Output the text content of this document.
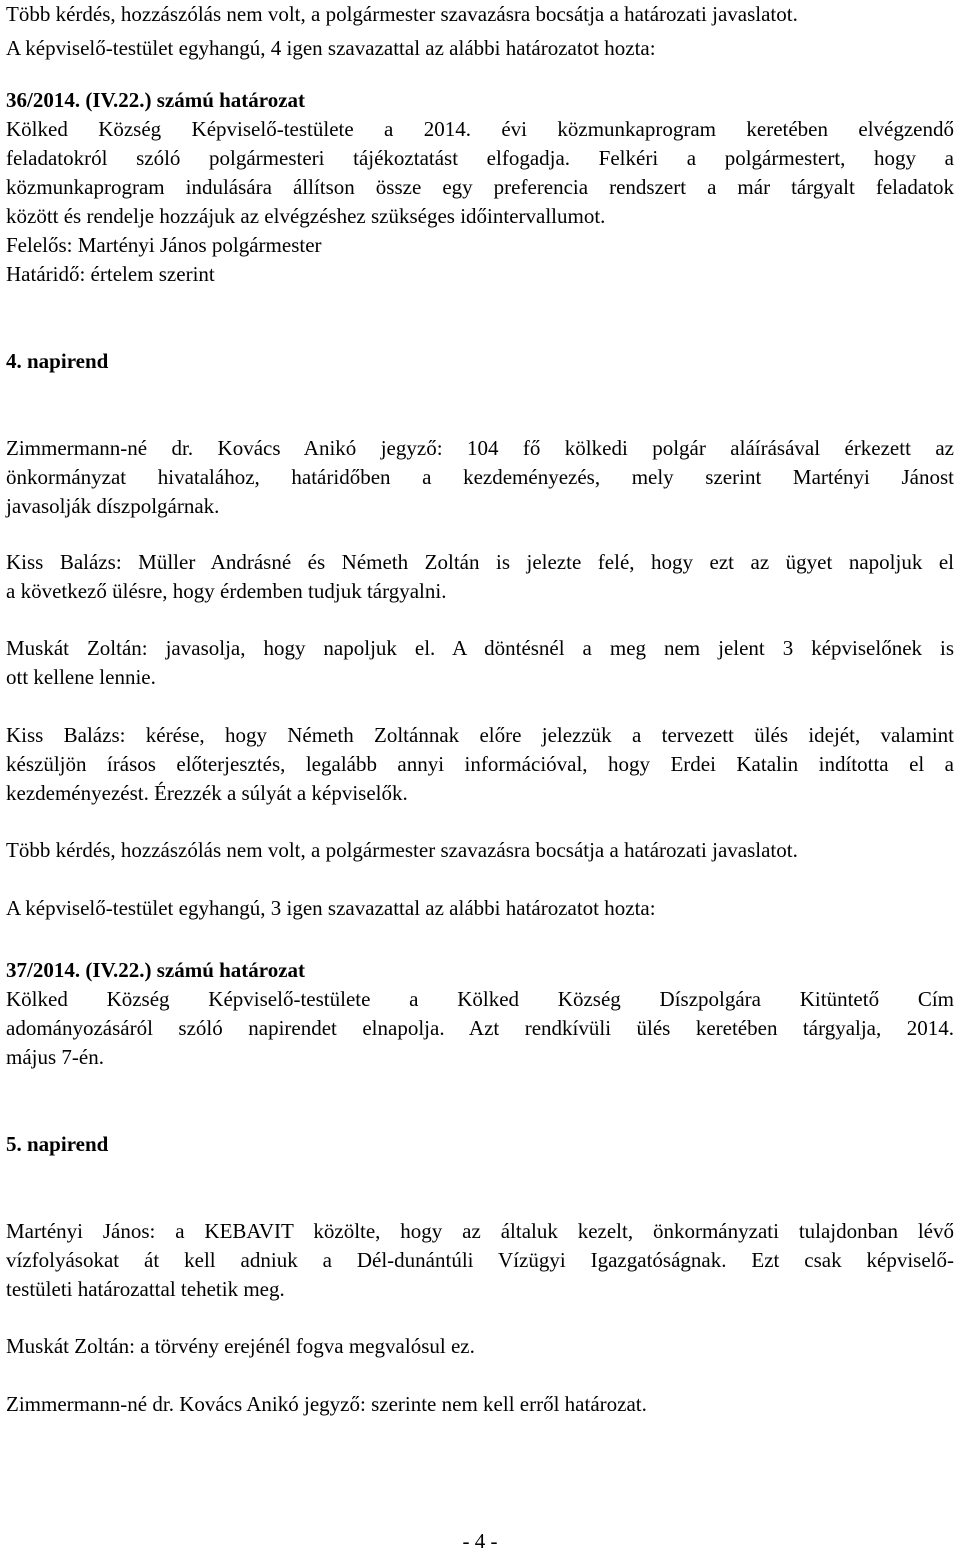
Több kérdés, hozzászólás nem volt, a polgármester szavazásra bocsátja a határozati javaslatot.
A képviselő-testület egyhangú, 4 igen szavazattal az alábbi határozatot hozta:
36/2014. (IV.22.) számú határozat
Kölked Község Képviselő-testülete a 2014. évi közmunkaprogram keretében elvégzendő
feladatokról szóló polgármesteri tájékoztatást elfogadja. Felkéri a polgármestert, hogy a
közmunkaprogram indulására állítson össze egy preferencia rendszert a már tárgyalt feladatok
között és rendelje hozzájuk az elvégzéshez szükséges időintervallumot.
Felelős: Martényi János polgármester
Határidő: értelem szerint
4. napirend
Zimmermann-né dr. Kovács Anikó jegyző: 104 fő kölkedi polgár aláírásával érkezett az
önkormányzat hivatalához, határidőben a kezdeményezés, mely szerint Martényi Jánost
javasolják díszpolgárnak.
Kiss Balázs: Müller Andrásné és Németh Zoltán is jelezte felé, hogy ezt az ügyet napoljuk el
a következő ülésre, hogy érdemben tudjuk tárgyalni.
Muskát Zoltán: javasolja, hogy napoljuk el. A döntésnél a meg nem jelent 3 képviselőnek is
ott kellene lennie.
Kiss Balázs: kérése, hogy Németh Zoltánnak előre jelezzük a tervezett ülés idejét, valamint
készüljön írásos előterjesztés, legalább annyi információval, hogy Erdei Katalin indította el a
kezdeményezést. Érezzék a súlyát a képviselők.
Több kérdés, hozzászólás nem volt, a polgármester szavazásra bocsátja a határozati javaslatot.
A képviselő-testület egyhangú, 3 igen szavazattal az alábbi határozatot hozta:
37/2014. (IV.22.) számú határozat
Kölked Község Képviselő-testülete a Kölked Község Díszpolgára Kitüntető Cím
adományozásáról szóló napirendet elnapolja. Azt rendkívüli ülés keretében tárgyalja, 2014.
május 7-én.
5. napirend
Martényi János: a KEBAVIT közölte, hogy az általuk kezelt, önkormányzati tulajdonban lévő
vízfolyásokat át kell adniuk a Dél-dunántúli Vízügyi Igazgatóságnak. Ezt csak képviselő-
testületi határozattal tehetik meg.
Muskát Zoltán: a törvény erejénél fogva megvalósul ez.
Zimmermann-né dr. Kovács Anikó jegyző: szerinte nem kell erről határozat.
- 4 -
